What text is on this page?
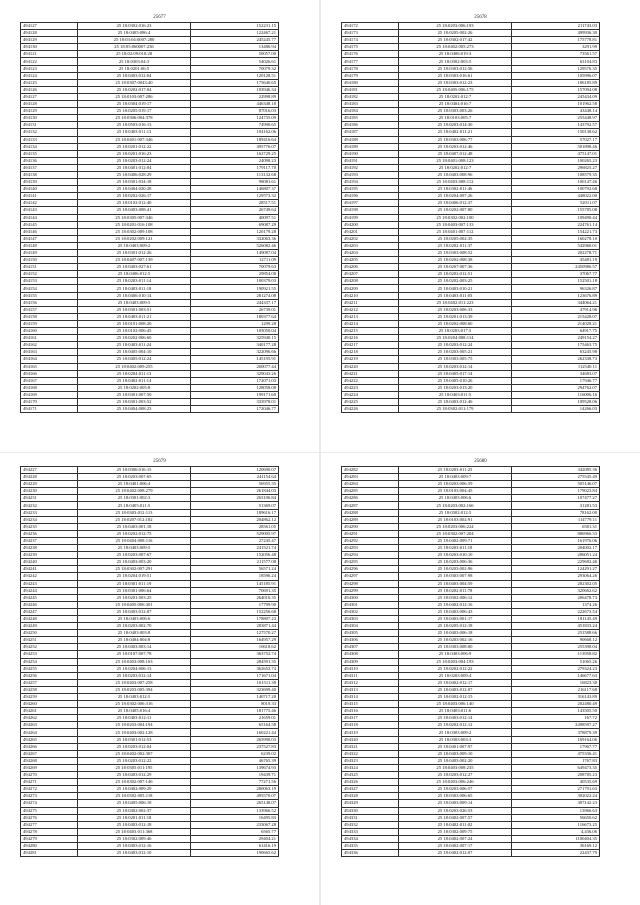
25677
494127	25 18:0302:016:23	152231.15
494128	25 18:0405:086:4	122467.21
494129	25 18:03:04:0007:280	245245.77
494130	25 18:05:060007:236	13486.94
494121	25 18:02:09:010:28	50057.00
494122	25 18:0303:04:3	54026.61
494123	25 18:0201:06:5	70079.32
494124	25 18:0403:012:04	120128.51
494125	25 18:0307:0043:40	175640.65
494126	25 18:0202:017:04	103946.34
494127	25 18:0103:007:286	22998.89
494128	25 18:0304:019:17	446348.18
494129	25 18:0205:019:17	87016.03
494130	25 18:0306:004:378	124735.09
494131	25 18:0503:016:13	74990.65
494132	25 18:0403:011:13	104162.06
494133	25 18:0401:007:346	189416.64
494134	25 18:0201:012:22	495776.07
494135	25 18:0201:016:23	162729.25
494136	25 18:0203:012:24	24098.23
494137	25 18:0401:012:04	179117.70
494138	25 18:0406:028:29	113132.68
494139	25 18:0301:034:18	98081.61
494140	25 18:0404:020:28	146807.37
494141	25 18:0202:026:17	129573.32
494142	25 18:0102:012:40	28517.51
494143	25 18:0403:008:41	26749.64
494144	25 18:0305:007:346	40097.51
494145	25 18:0201:016:108	69087.29
494146	25 18:0302:009:108	120179.28
494147	25 18:0202:009:121	332063.36
494148	25 18:0403:009:2	526082.46
494149	25 18:0301:012:26	149087.04
494150	25 18:0407:007:139	12711.09
494151	25 18:0403:027:61	70079.63
494152	25 18:0406:012:5	29854.08
494153	25 18:0203:011:14	100379.03
494154	25 18:0403:011:18	190921.55
494155	25 18:0406:010:14	281274.08
494156	25 18:0403:009:5	244337.17
494157	25 18:0301:003:51	26739.01
494158	25 18:0403:011:21	180377.64
494159	25 18:0101:008:20	1299.28
494160	25 18:0102:006:45	105050.04
494161	25 18:0202:006:60	325940.15
494162	25 18:0403:011:24	340177.28
494163	25 18:0405:004:10	322096.66
494164	25 18:0405:012:24	145195.91
494165	25 18:0402:009:255	200077.44
494166	25 18:0204:011:13	329043.26
494167	25 18:0402:011:14	172071.03
494168	25 18:0202:005:8	128058.08
494169	25 18:0301:007:50	199171.60
494170	25 18:0301:003:52	333978.01
494171	25 18:0404:008:23	172046.77
25678
494172	25 18:0203:006:193	211743.03
494173	25 18:0205:002:26	499936.30
494174	25 18:0302:017:42	175778.81
494175	25 18:0402:005:273	3291.99
494176	25 18:0406:019:3	73561.57
494177	25 18:0302:003:5	63104.83
494178	25 18:0303:012:56	129576.35
494179	25 18:0303:016:61	105996.07
494180	25 18:0303:012:23	186185.89
494181	25 18:0405:006:175	157094.08
494182	25 18:0202:012:7	245434.09
494183	25 18:0404:016:7	101962.58
494184	25 18:0303:003:26	43448.14
494185	25 18:0103:005:7	255448.97
494186	25 18:0203:014:30	143792.57
494187	25 18:0402:011:21	150138.62
494188	25 18:0303:006:77	57027.17
494189	25 18:0203:012:46	501898.46
494190	25 18:0407:012:48	475147.01
494191	25 18:0401:008:123	100265.23
494192	25 18:0202:012:7	296825.27
494193	25 18:0403:008:96	108579.35
494194	25 18:0403:008:112	100147.46
494195	25 18:0302:011:46	100792.68
494196	25 18:0204:007:26	448022.00
494197	25 18:0406:012:37	52011.07
494198	25 18:0202:007:80	155785.08
494199	25 18:0302:002:100	109490.44
494200	25 18:0403:007:133	224761.14
494201	25 18:0401:007:112	154221.73
494202	25 18:0205:002:35	160278.10
494203	25 18:0202:011:37	542960.01
494204	25 18:0303:008:52	202278.71
494205	25 18:0202:008:38	45481.19
494206	25 18:0207:007:36	2450986.57
494207	25 18:0202:012:51	37067.77
494208	25 18:0202:003:25	152501.18
494209	25 18:0403:010:21	96326.87
494210	25 18:0403:011:03	123676.89
494211	25 18:0402:011:223	344064.21
494212	25 18:0203:006:33	47914.96
494213	25 18:0201:013:39	215428.07
494214	25 18:0202:008:60	214028.21
494215	25 18:0203:017:5	64917.75
494216	25 18:0204:008:114	249154.27
494217	25 18:0203:012:24	175463.75
494218	25 18:0203:005:21	63245.98
494219	25 18:0303:005:75	262338.73
494220	25 18:0203:012:14	112540.11
494221	25 18:0405:017:14	34683.07
494222	25 18:0405:010:26	17946.77
494223	25 18:0203:013:20	294762.07
494224	25 18:0403:011:5	116006.16
494225	25 18:0403:012:46	109528.06
494226	25 18:0302:011:179	14266.03
25679
494227	25 18:0306:016:15	120690.07
494228	25 18:0203:007:65	241154.64
494229	25 18:0401:006:4	56955.35
494230	25 18:0402:008:279	261844.03
494231	25 18:0301:002:3	263106.84
494232	25 18:0405:011:5	51369.07
494233	25 18:0303:012:113	189616.17
494234	25 18:0207:012:182	204862.12
494235	25 18:0403:001:18	28561.05
494236	25 18:0202:012:75	529005.97
494237	25 18:0404:008:116	27245.47
494238	25 18:0403:009:5	241521.74
494239	25 18:0203:007:67	152056.48
494240	25 18:0403:003:20	211577.08
494241	25 18:0302:007:291	56571.24
494242	25 18:0204:019:51	18596.24
494243	25 18:0301:011:19	145185.91
494244	25 18:0301:006:64	70691.35
494245	25 18:0201:003:25	264016.35
494246	25 18:0405:006:301	17799.90
494247	25 18:0403:012:07	152256.68
494248	25 18:0403:006:6	178807.23
494249	25 18:0203:002:70	283871.44
494250	25 18:0403:003:8	127570.27
494251	25 18:0404:004:8	164957.29
494252	25 18:0403:003:14	10618.62
494253	25 18:0107:007:78	363752.74
494254	25 18:0403:008:163	284591.35
494255	25 18:0204:006:13	362652.74
494256	25 18:0203:012:14	171671.04
494257	25 18:0403:007:258	161511.30
494258	25 18:0203:005:394	323699.40
494259	25 18:0403:012:5	140717.20
494260	25 18:0302:006:316	8019.33
494261	25 18:0405:016:4	181775.46
494262	25 18:0403:012:11	21659.01
494263	25 18:0203:004:194	65164.58
494264	25 18:0403:002:128	160221.44
494265	25 18:0301:012:53	265998.03
494266	25 18:0203:012:04	237527.83
494267	25 18:0402:002:307	6239.02
494268	25 18:0203:012:22	46765.39
494269	25 18:0305:011:195	139674.93
494270	25 18:0403:012:29	19439.71
494271	25 18:0302:007:146	77271.56
494272	25 18:0402:009:29	280063.19
494273	25 18:0302:003:118	495570.07
494274	25 18:0405:006:18	265148.07
494275	25 18:0402:002:37	133966.52
494276	25 18:0201:011:18	16495.83
494277	25 18:0403:012:18	233067.28
494278	25 18:0403:011:368	6565.77
494279	25 18:0302:009:46	29404.21
494280	25 18:0403:012:16	61416.19
494281	25 18:0403:012:10	190665.62
25680
494282	25 18:0203:011:25	342085.36
494283	25 18:0403:009:7	275545.49
494284	25 18:0203:006:59	505146.07
494285	25 18:0103:004:45	179023.84
494286	25 18:0403:006:6	107477.27
494287	25 18:0203:002:166	31281.53
494288	25 18:0302:012:5	78162.00
494289	25 18:0103:002:91	114779.11
494290	25 18:0203:006:224	6581.31
494291	25 18:0302:007:204	886966.33
494292	25 18:0402:009:71	161976.06
494293	25 18:0203:011:18	204002.17
494294	25 18:0203:010:10	206051.24
494295	25 18:0203:006:36	229682.46
494296	25 18:0203:002:96	124291.27
494297	25 18:0303:007:98	293064.26
494298	25 18:0403:004:59	282302.05
494299	25 18:0202:011:78	320662.62
494300	25 18:0302:006:12	206478.73
494301	25 18:0402:012:16	1374.26
494302	25 18:0403:006:43	222673.54
494303	25 18:0403:001:17	181145.49
494304	25 18:0205:012:18	451833.24
494305	25 18:0403:006:18	251588.66
494306	25 18:0203:002:16	90668.12
494307	25 18:0303:008:00	255398.04
494308	25 18:0403:006:9	113958.82
494309	25 18:0403:004:193	51065.26
494310	25 18:0202:012:22	279324.23
494311	25 18:0203:009:4	146677.63
494312	25 18:0402:012:17	16823.38
494313	25 18:0403:012:07	216117.68
494314	25 18:0302:012:15	316143.89
494315	25 18:0403:006:140	202480.49
494316	25 18:0403:011:6	143505.50
494317	25 18:0403:012:14	167.72
494318	25 18:0202:012:12	2498597.27
494319	25 18:0303:009:2	378879.39
494320	25 18:0303:003:3	169164.06
494321	25 18:0401:007:97	17967.77
494322	25 18:0403:009:10	475336.41
494323	25 18:0403:002:20	1767.83
494324	25 18:0403:008:235	649473.35
494325	25 18:0203:012:27	208785.23
494326	25 18:0403:006:246	40535.69
494327	25 18:0203:006:57	271791.63
494328	25 18:0303:006:65	302022.24
494329	25 18:0403:009:14	307142.23
494330	25 18:0203:026:53	13966.63
494331	25 18:0402:007:57	56650.62
494332	25 18:0402:011:02	116673.25
494333	25 18:0302:009:75	4,436.06
494334	25 18:0402:007:24	1100404.35
494335	25 18:0402:007:17	36169.12
494336	25 18:0402:012:07	22437.79
